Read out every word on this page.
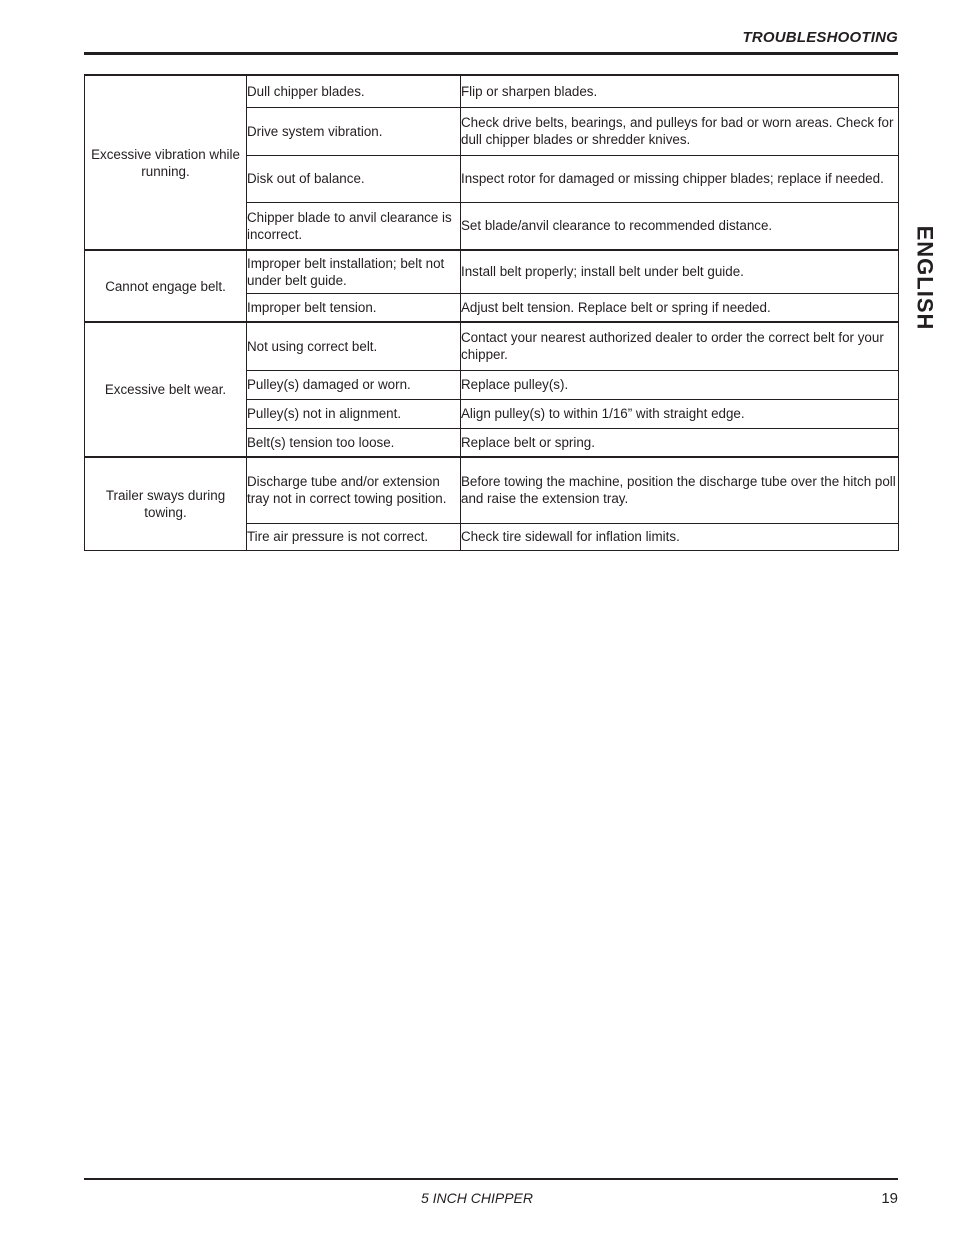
TROUBLESHOOTING
ENGLISH
Excessive vibration while running.	Dull chipper blades.	Flip or sharpen blades.
	Drive system vibration.	Check drive belts, bearings, and pulleys for bad or worn areas. Check for dull chipper blades or shredder knives.
	Disk out of balance.	Inspect rotor for damaged or missing chipper blades; replace if needed.
	Chipper blade to anvil clearance is incorrect.	Set blade/anvil clearance to recommended distance.
Cannot engage belt.	Improper belt installation; belt not under belt guide.	Install belt properly; install belt under belt guide.
	Improper belt tension.	Adjust belt tension. Replace belt or spring if needed.
Excessive belt wear.	Not using correct belt.	Contact your nearest authorized dealer to order the correct belt for your chipper.
	Pulley(s) damaged or worn.	Replace pulley(s).
	Pulley(s) not in alignment.	Align pulley(s) to within 1/16” with straight edge.
	Belt(s) tension too loose.	Replace belt or spring.
Trailer sways during towing.	Discharge tube and/or extension tray not in correct towing position.	Before towing the machine, position the discharge tube over the hitch poll and raise the extension tray.
	Tire air pressure is not correct.	Check tire sidewall for inflation limits.
5 INCH CHIPPER	19
